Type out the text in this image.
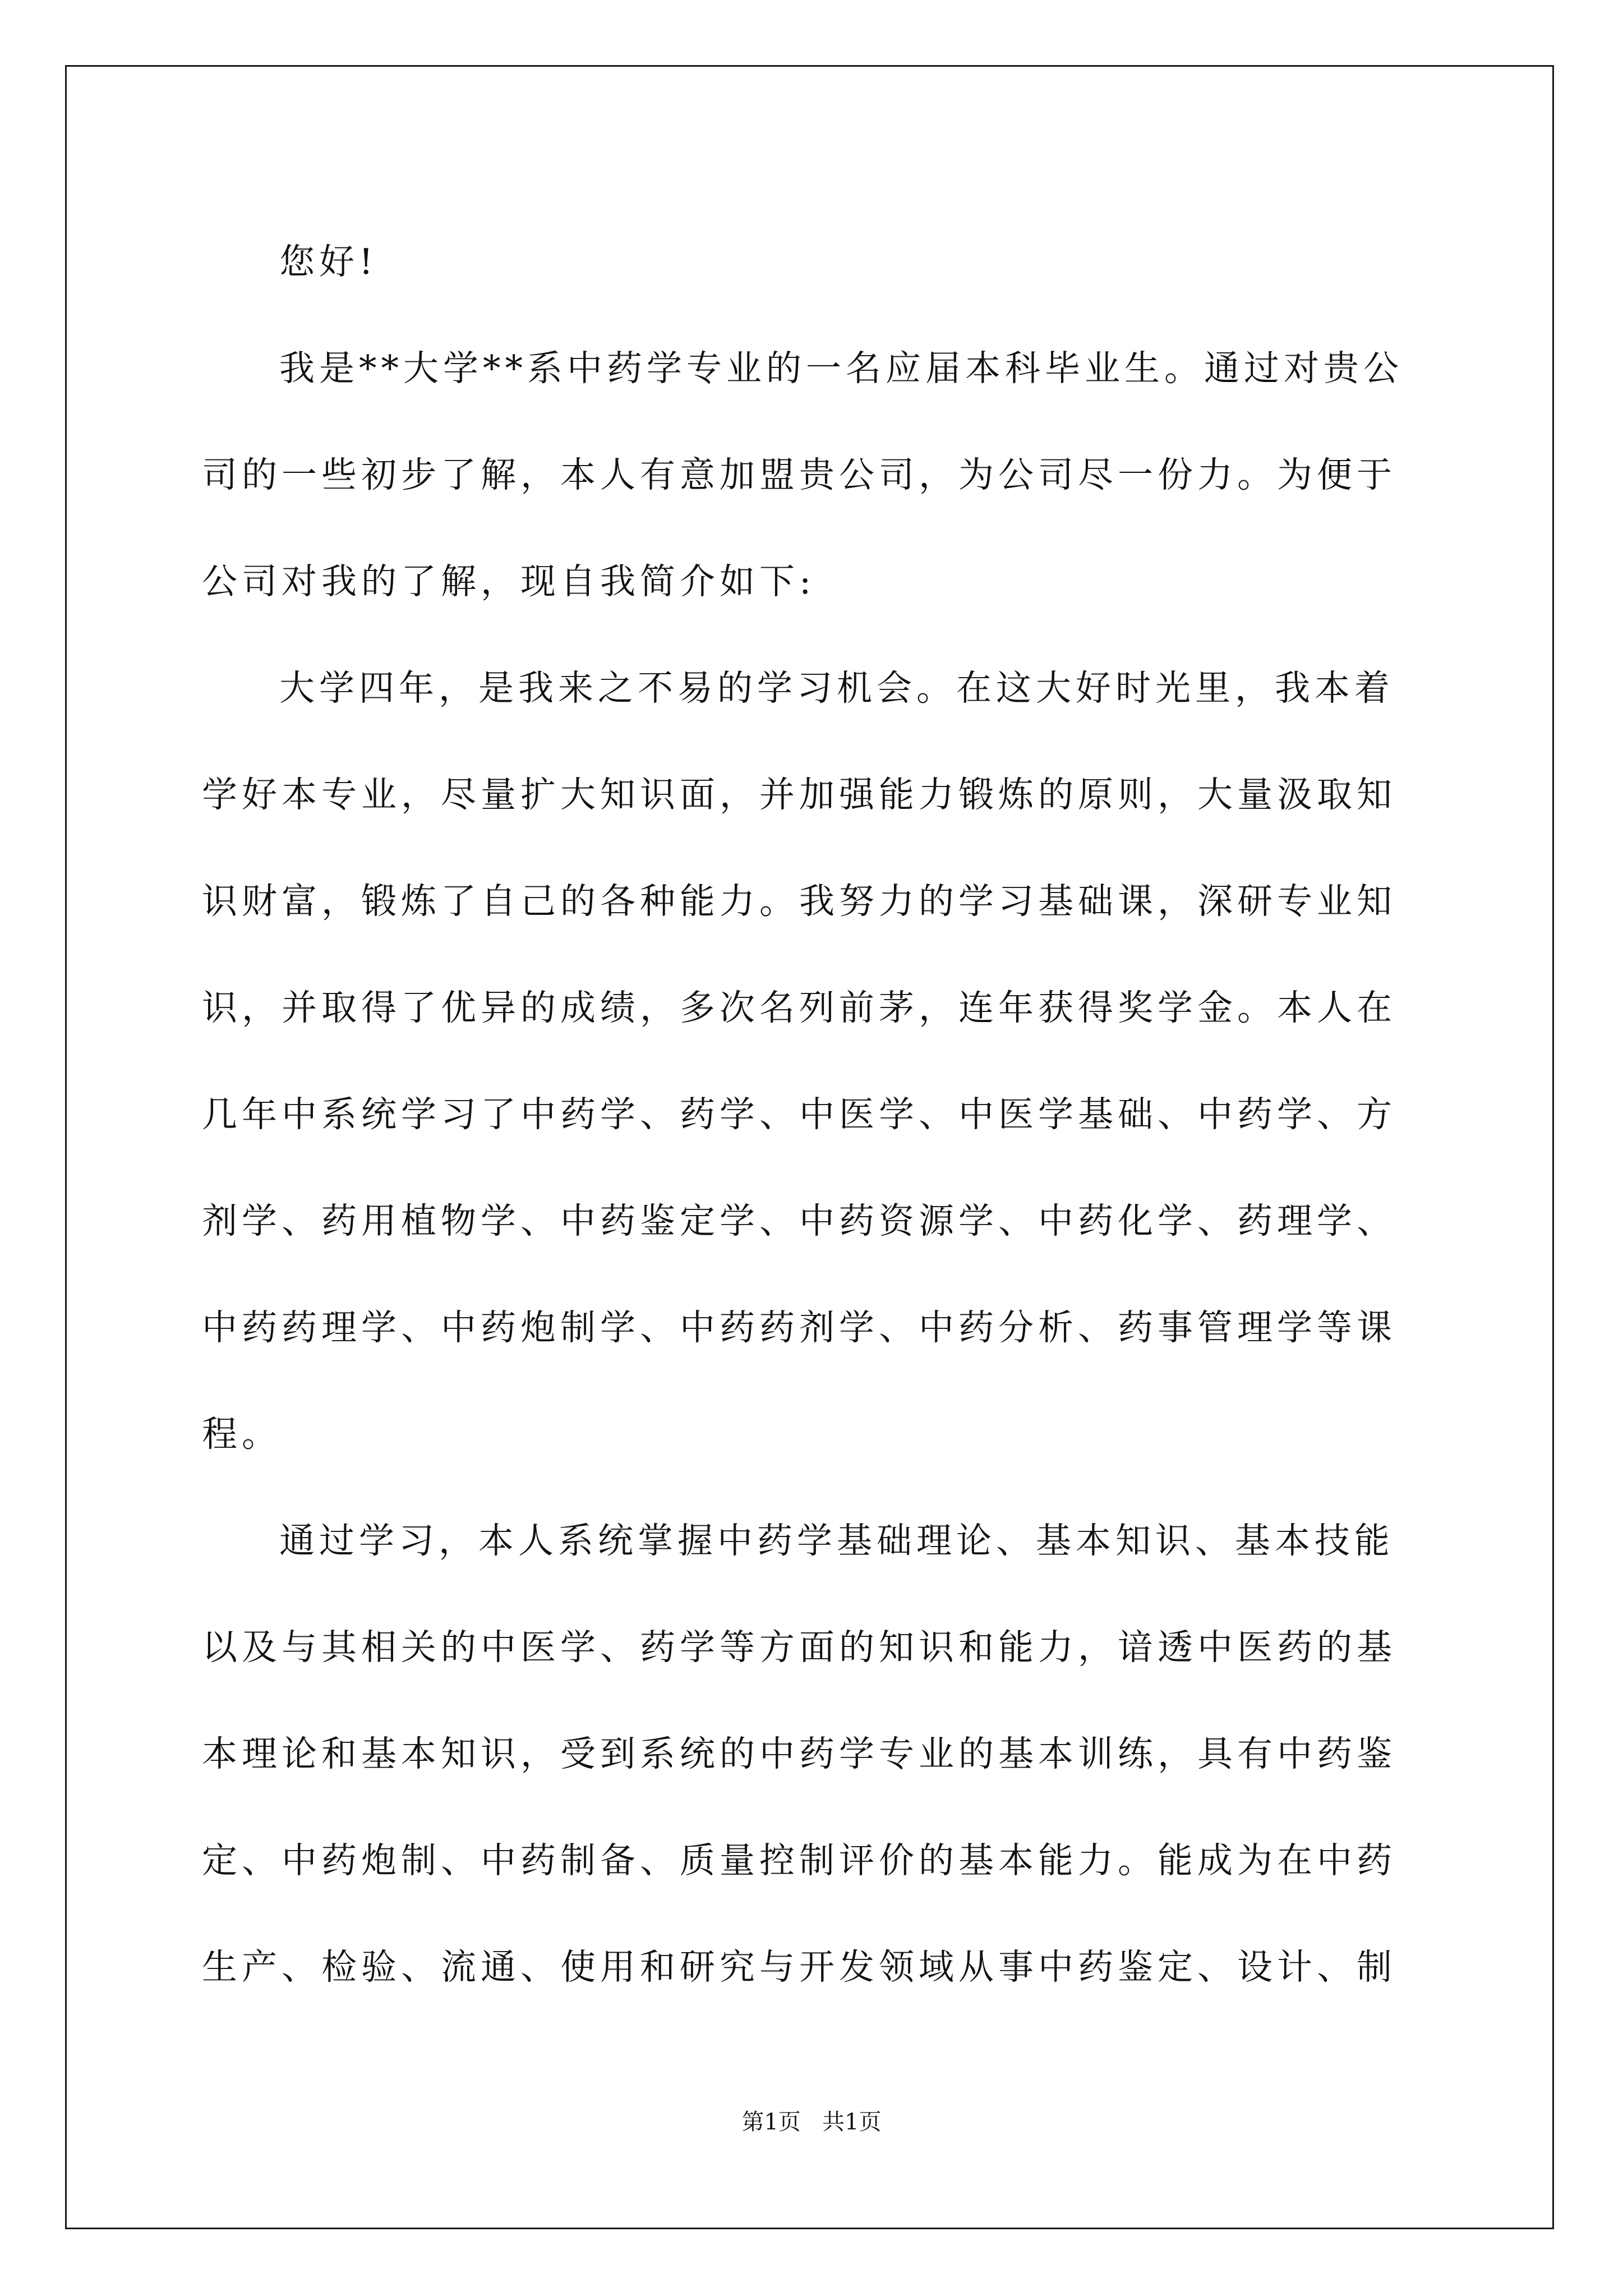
您好!

我是**大学**系中药学专业的一名应届本科毕业生。通过对贵公
司的一些初步了解，本人有意加盟贵公司，为公司尽一份力。为便于
公司对我的了解，现自我简介如下:

大学四年，是我来之不易的学习机会。在这大好时光里，我本着
学好本专业，尽量扩大知识面，并加强能力锻炼的原则，大量汲取知
识财富，锻炼了自己的各种能力。我努力的学习基础课，深研专业知
识，并取得了优异的成绩，多次名列前茅，连年获得奖学金。本人在
几年中系统学习了中药学、药学、中医学、中医学基础、中药学、方
剂学、药用植物学、中药鉴定学、中药资源学、中药化学、药理学、
中药药理学、中药炮制学、中药药剂学、中药分析、药事管理学等课
程。

通过学习，本人系统掌握中药学基础理论、基本知识、基本技能
以及与其相关的中医学、药学等方面的知识和能力，谙透中医药的基
本理论和基本知识，受到系统的中药学专业的基本训练，具有中药鉴
定、中药炮制、中药制备、质量控制评价的基本能力。能成为在中药
生产、检验、流通、使用和研究与开发领域从事中药鉴定、设计、制

第1页   共1页
